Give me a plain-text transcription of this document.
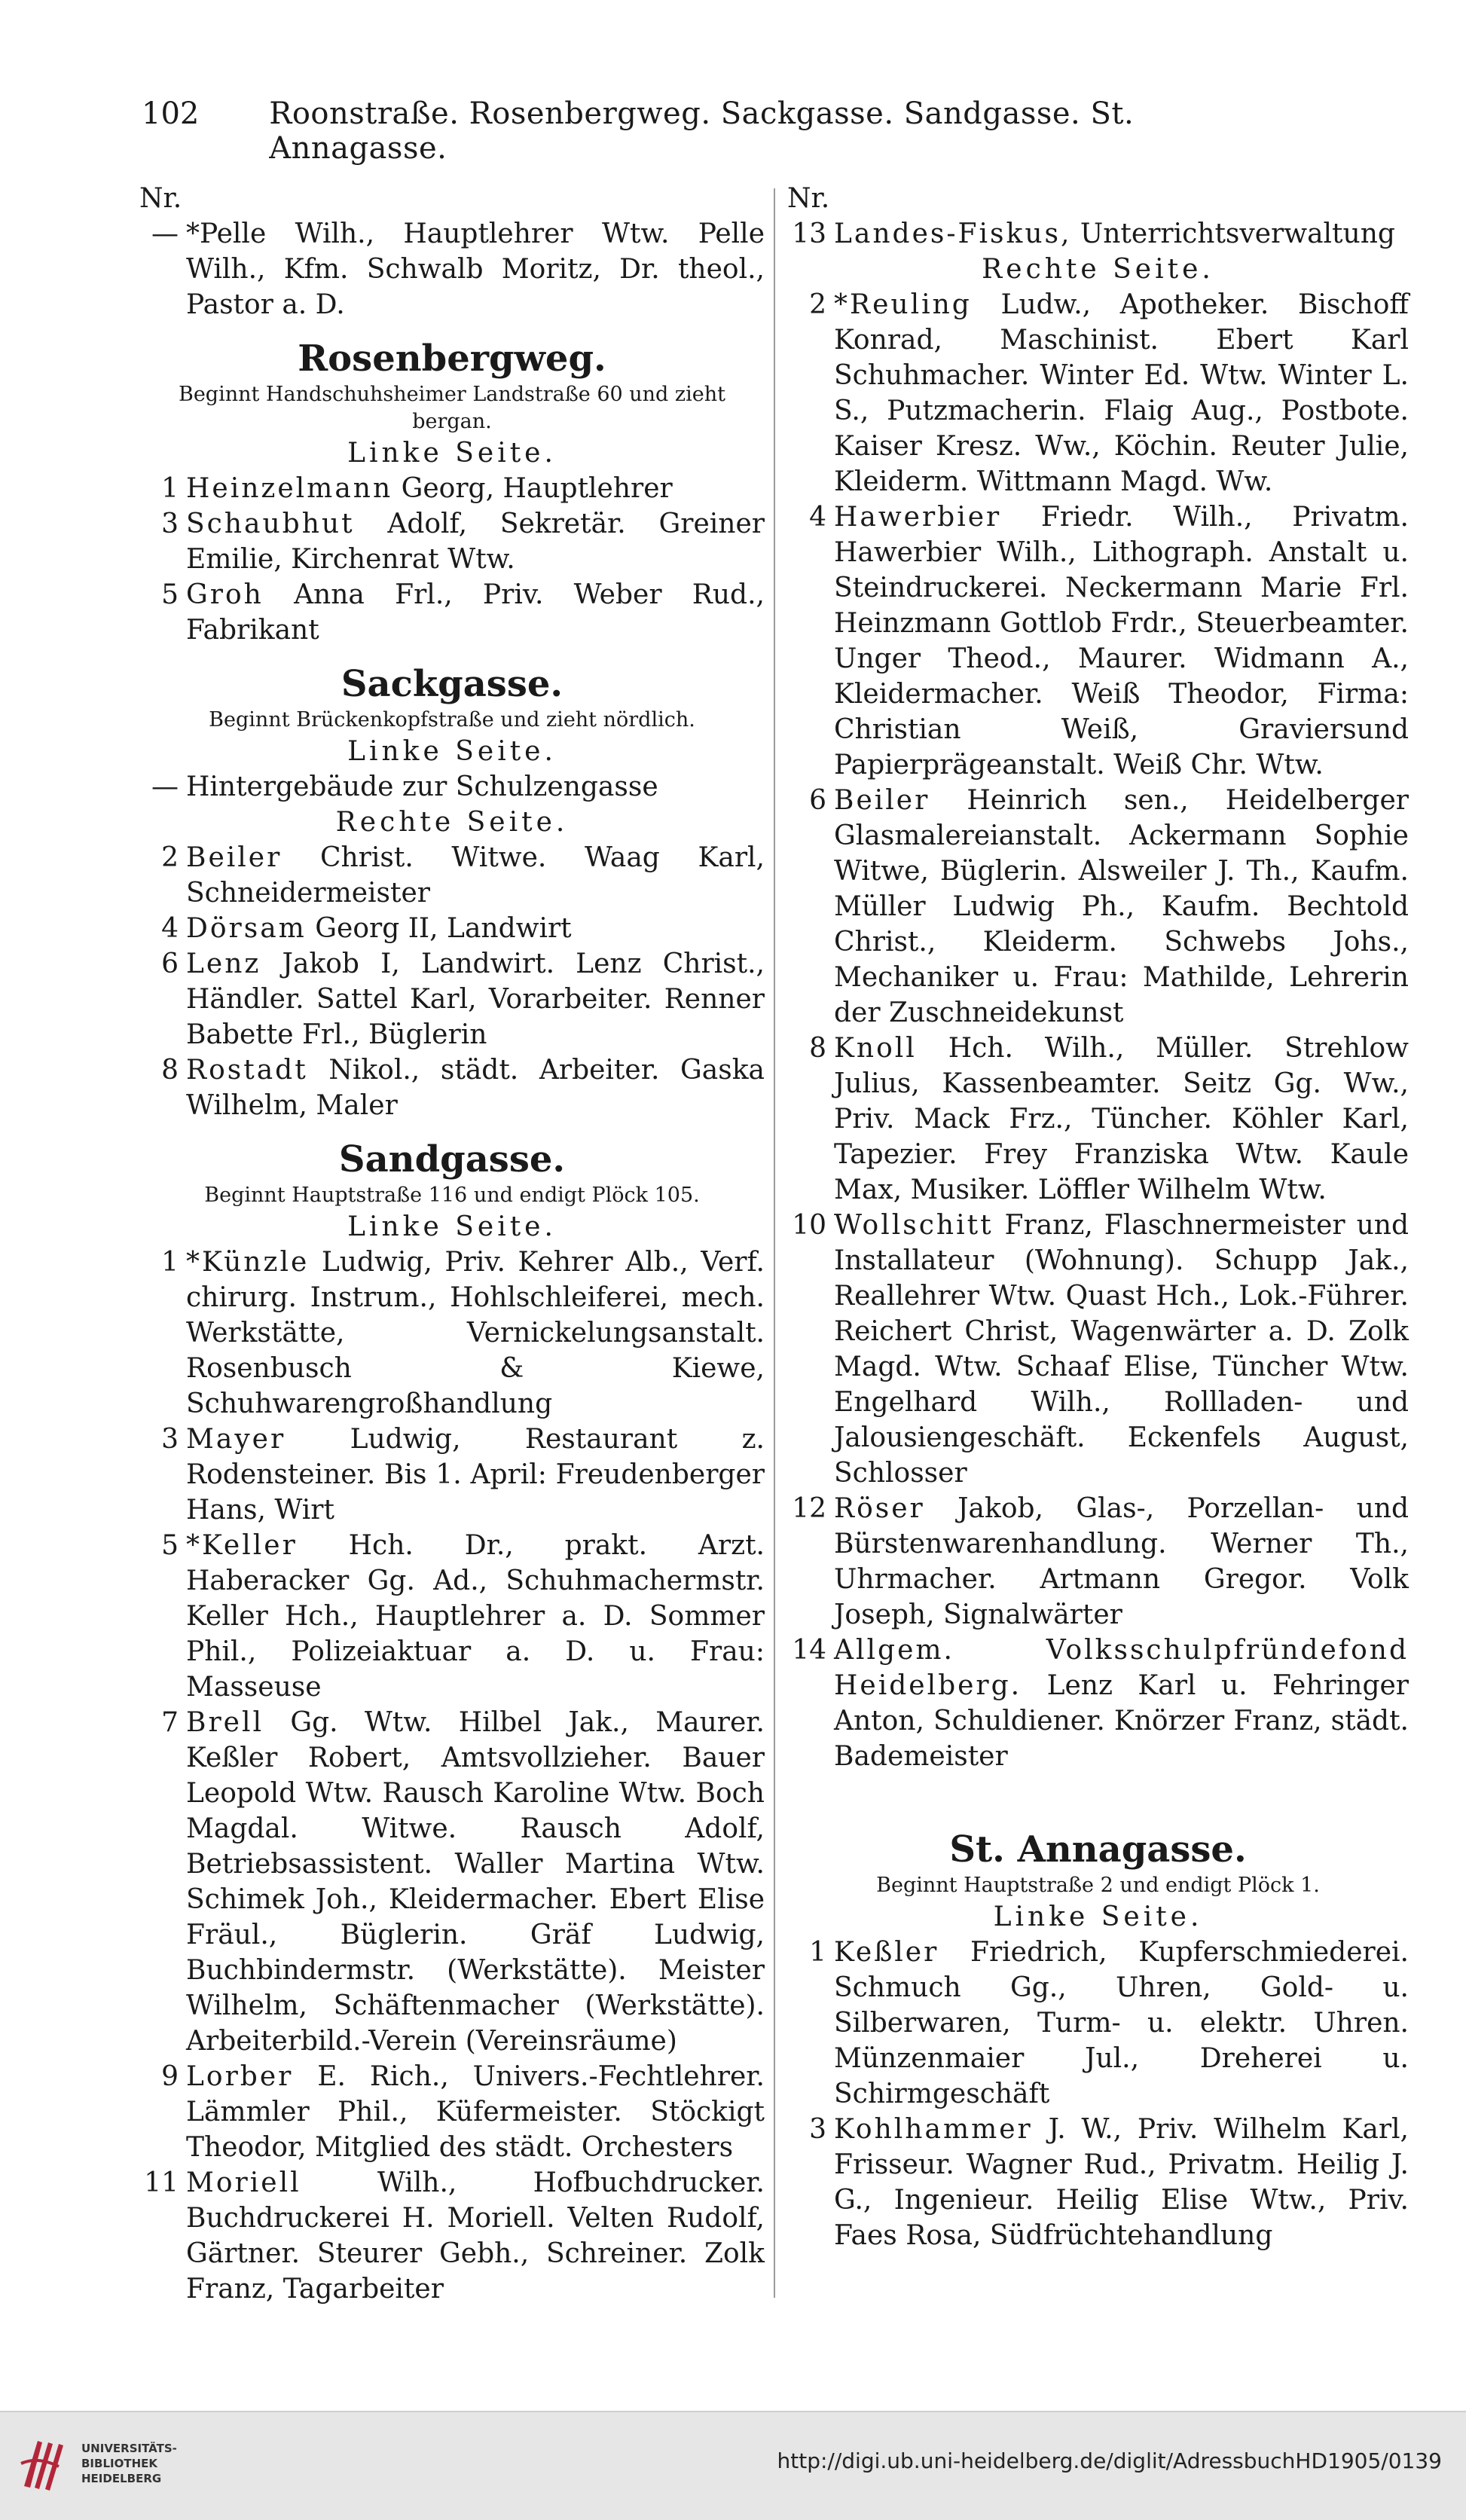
102	Roonstraße. Rosenbergweg. Sackgasse. Sandgasse. St. Annagasse.
Nr.
— *Pelle Wilh., Hauptlehrer Wtw. Pelle Wilh., Kfm. Schwalb Moritz, Dr. theol., Pastor a. D.
Rosenbergweg.
Beginnt Handschuhsheimer Landstraße 60 und zieht bergan.
Linke Seite.
1 Heinzelmann Georg, Hauptlehrer
3 Schaubhut Adolf, Sekretär. Greiner Emilie, Kirchenrat Wtw.
5 Groh Anna Frl., Priv. Weber Rud., Fabrikant
Sackgasse.
Beginnt Brückenkopfstraße und zieht nördlich.
Linke Seite.
— Hintergebäude zur Schulzengasse
Rechte Seite.
2 Beiler Christ. Witwe. Waag Karl, Schneidermeister
4 Dörsam Georg II, Landwirt
6 Lenz Jakob I, Landwirt. Lenz Christ., Händler. Sattel Karl, Vorarbeiter. Renner Babette Frl., Büglerin
8 Rostadt Nikol., städt. Arbeiter. Gaska Wilhelm, Maler
Sandgasse.
Beginnt Hauptstraße 116 und endigt Plöck 105.
Linke Seite.
1 *Künzle Ludwig, Priv. Kehrer Alb., Verf. chirurg. Instrum., Hohlschleiferei, mech. Werkstätte, Vernickelungsanstalt. Rosenbusch & Kiewe, Schuhwarengroßhandlung
3 Mayer Ludwig, Restaurant z. Rodensteiner. Bis 1. April: Freudenberger Hans, Wirt
5 *Keller Hch. Dr., prakt. Arzt. Haberacker Gg. Ad., Schuhmachermstr. Keller Hch., Hauptlehrer a. D. Sommer Phil., Polizeiaktuar a. D. u. Frau: Masseuse
7 Brell Gg. Wtw. Hilbel Jak., Maurer. Keßler Robert, Amtsvollzieher. Bauer Leopold Wtw. Rausch Karoline Wtw. Boch Magdal. Witwe. Rausch Adolf, Betriebsassistent. Waller Martina Wtw. Schimek Joh., Kleidermacher. Ebert Elise Fräul., Büglerin. Gräf Ludwig, Buchbindermstr. (Werkstätte). Meister Wilhelm, Schäftenmacher (Werkstätte). Arbeiterbild.-Verein (Vereinsräume)
9 Lorber E. Rich., Univers.-Fechtlehrer. Lämmler Phil., Küfermeister. Stöckigt Theodor, Mitglied des städt. Orchesters
11 Moriell	Wilh., Hofbuchdrucker. Buchdruckerei H. Moriell. Velten Rudolf, Gärtner. Steurer Gebh., Schreiner. Zolk Franz, Tagarbeiter
Nr.
13 Landes-Fiskus, Unterrichtsverwaltung
Rechte Seite.
2 *Reuling Ludw., Apotheker. Bischoff Konrad, Maschinist. Ebert Karl Schuhmacher. Winter Ed. Wtw. Winter L. S., Putzmacherin. Flaig Aug., Postbote. Kaiser Kresz. Ww., Köchin. Reuter Julie, Kleiderm. Wittmann Magd. Ww.
4 Hawerbier Friedr. Wilh., Privatm. Hawerbier Wilh., Lithograph. Anstalt u. Steindruckerei. Neckermann Marie Frl. Heinzmann Gottlob Frdr., Steuerbeamter. Unger Theod., Maurer. Widmann A., Kleidermacher. Weiß Theodor, Firma: Christian Weiß, Graviersund Papierprägeanstalt. Weiß Chr. Wtw.
6 Beiler Heinrich sen., Heidelberger Glasmalereianstalt. Ackermann Sophie Witwe, Büglerin. Alsweiler J. Th., Kaufm. Müller Ludwig Ph., Kaufm. Bechtold Christ., Kleiderm. Schwebs Johs., Mechaniker u. Frau: Mathilde, Lehrerin der Zuschneidekunst
8 Knoll Hch. Wilh., Müller. Strehlow Julius, Kassenbeamter. Seitz Gg. Ww., Priv. Mack Frz., Tüncher. Köhler Karl, Tapezier. Frey Franziska Wtw. Kaule Max, Musiker. Löffler Wilhelm Wtw.
10 Wollschitt Franz, Flaschnermeister und Installateur (Wohnung). Schupp Jak., Reallehrer Wtw. Quast Hch., Lok.-Führer. Reichert Christ, Wagenwärter a. D. Zolk Magd. Wtw. Schaaf Elise, Tüncher Wtw. Engelhard Wilh., Rollladen- und Jalousiengeschäft. Eckenfels August, Schlosser
12 Röser Jakob, Glas-, Porzellan- und Bürstenwarenhandlung. Werner Th., Uhrmacher. Artmann Gregor. Volk Joseph, Signalwärter
14 Allgem. Volksschulpfründefond Heidelberg. Lenz Karl u. Fehringer Anton, Schuldiener. Knörzer Franz, städt. Bademeister
St. Annagasse.
Beginnt Hauptstraße 2 und endigt Plöck 1.
Linke Seite.
1 Keßler Friedrich, Kupferschmiederei. Schmuch Gg., Uhren, Gold- u. Silberwaren, Turm- u. elektr. Uhren. Münzenmaier Jul., Dreherei u. Schirmgeschäft
3 Kohlhammer J. W., Priv. Wilhelm Karl, Frisseur. Wagner Rud., Privatm. Heilig J. G., Ingenieur. Heilig Elise Wtw., Priv. Faes Rosa, Südfrüchtehandlung
UNIVERSITÄTS-
BIBLIOTHEK
HEIDELBERG
http://digi.ub.uni-heidelberg.de/diglit/AdressbuchHD1905/0139
